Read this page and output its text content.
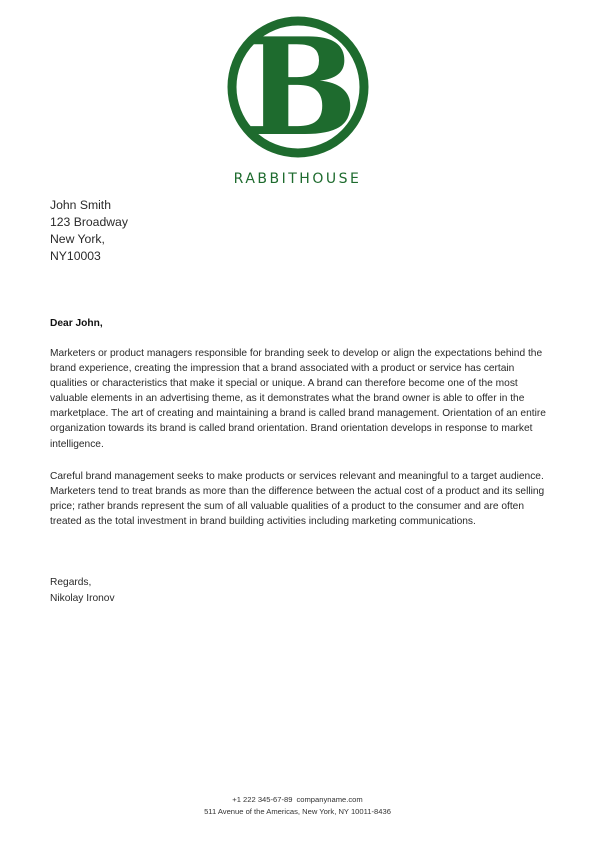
B
RABBITHOUSE
John Smith
123 Broadway
New York,
NY10003
Dear John,

Marketers or product managers responsible for branding seek to develop or align the expectations behind the brand experience, creating the impression that a brand associated with a product or service has certain qualities or characteristics that make it special or unique. A brand can therefore become one of the most valuable elements in an advertising theme, as it demonstrates what the brand owner is able to offer in the marketplace. The art of creating and maintaining a brand is called brand management. Orientation of an entire organization towards its brand is called brand orientation. Brand orientation develops in response to market intelligence.

Careful brand management seeks to make products or services relevant and meaningful to a target audience. Marketers tend to treat brands as more than the difference between the actual cost of a product and its selling price; rather brands represent the sum of all valuable qualities of a product to the consumer and are often treated as the total investment in brand building activities including marketing communications.

Regards,
Nikolay Ironov
+1 222 345-67-89 companyname.com
511 Avenue of the Americas, New York, NY 10011-8436
